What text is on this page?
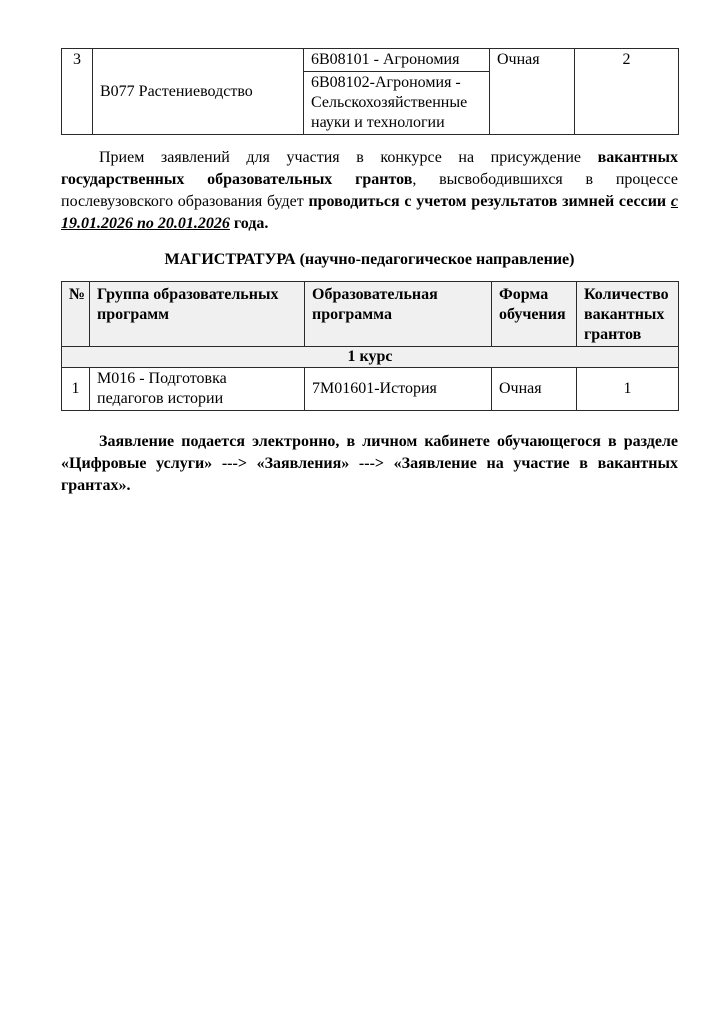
3	В077 Растениеводство	6В08101 - Агрономия	Очная	2
6В08102-Агрономия - Сельскохозяйственные науки и технологии

Прием заявлений для участия в конкурсе на присуждение вакантных государственных образовательных грантов, высвободившихся в процессе послевузовского образования будет проводиться с учетом результатов зимней сессии с 19.01.2026 по 20.01.2026 года.

МАГИСТРАТУРА (научно-педагогическое направление)
№	Группа образовательных программ	Образовательная программа	Форма обучения	Количество вакантных грантов
1 курс				
1	М016 - Подготовка педагогов истории	7М01601-История	Очная	1

Заявление подается электронно, в личном кабинете обучающегося в разделе «Цифровые услуги» ---> «Заявления» ---> «Заявление на участие в вакантных грантах».
